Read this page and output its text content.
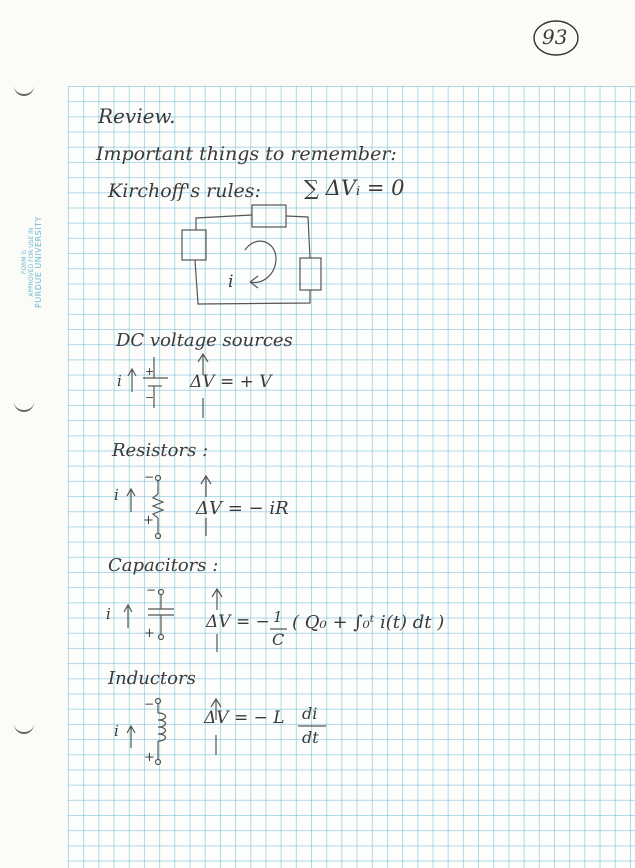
FORM G APPROVED FOR USE IN PURDUE UNIVERSITY
93
Review.
Important things to remember:
Kirchoff's rules: ∑ ΔVᵢ = 0
i
DC voltage sources
i
+
−
ΔV = + V
Resistors :
i
−
+
ΔV = − iR
Capacitors :
i
−
+
ΔV = − 1
C
( Q₀ + ∫₀ᵗ i(t) dt )
Inductors
i
−
+
ΔV = − L di
dt
